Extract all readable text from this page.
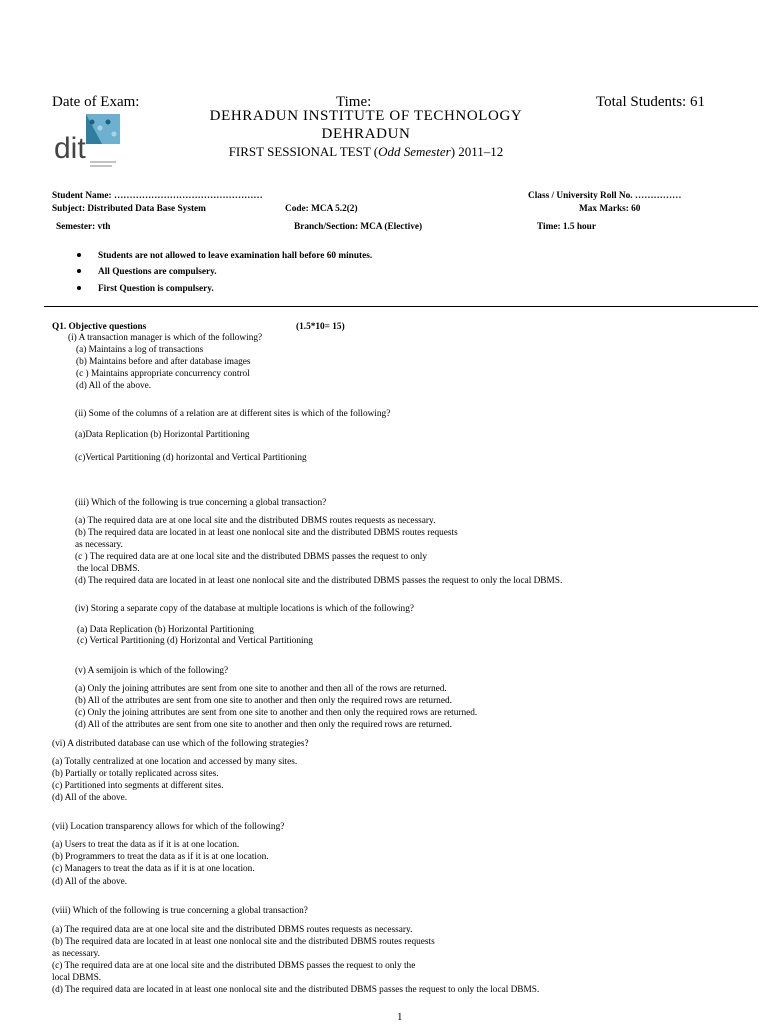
Date of Exam:	Time:	Total Students: 61
DEHRADUN INSTITUTE OF TECHNOLOGY
DEHRADUN
FIRST SESSIONAL TEST (Odd Semester) 2011–12
dit
Student Name: …………………………………………	Class / University Roll No. ……………
Subject: Distributed Data Base System	Code: MCA 5.2(2)	Max Marks: 60
Semester: vth	Branch/Section: MCA (Elective)	Time: 1.5 hour
Students are not allowed to leave examination hall before 60 minutes.
All Questions are compulsery.
First Question is compulsery.
Q1. Objective questions	(1.5*10= 15)
(i) A transaction manager is which of the following?
(a) Maintains a log of transactions
(b) Maintains before and after database images
(c ) Maintains appropriate concurrency control
(d) All of the above.
(ii) Some of the columns of a relation are at different sites is which of the following?
(a)Data Replication (b) Horizontal Partitioning
(c)Vertical Partitioning (d) horizontal and Vertical Partitioning
(iii) Which of the following is true concerning a global transaction?
(a) The required data are at one local site and the distributed DBMS routes requests as necessary.
(b) The required data are located in at least one nonlocal site and the distributed DBMS routes requests
as necessary.
(c ) The required data are at one local site and the distributed DBMS passes the request to only
the local DBMS.
(d) The required data are located in at least one nonlocal site and the distributed DBMS passes the request to only the local DBMS.
(iv) Storing a separate copy of the database at multiple locations is which of the following?
(a) Data Replication (b) Horizontal Partitioning
(c) Vertical Partitioning (d) Horizontal and Vertical Partitioning
(v) A semijoin is which of the following?
(a) Only the joining attributes are sent from one site to another and then all of the rows are returned.
(b) All of the attributes are sent from one site to another and then only the required rows are returned.
(c) Only the joining attributes are sent from one site to another and then only the required rows are returned.
(d) All of the attributes are sent from one site to another and then only the required rows are returned.
(vi) A distributed database can use which of the following strategies?
(a) Totally centralized at one location and accessed by many sites.
(b) Partially or totally replicated across sites.
(c) Partitioned into segments at different sites.
(d) All of the above.
(vii) Location transparency allows for which of the following?
(a) Users to treat the data as if it is at one location.
(b) Programmers to treat the data as if it is at one location.
(c) Managers to treat the data as if it is at one location.
(d) All of the above.
(viii) Which of the following is true concerning a global transaction?
(a) The required data are at one local site and the distributed DBMS routes requests as necessary.
(b) The required data are located in at least one nonlocal site and the distributed DBMS routes requests
as necessary.
(c) The required data are at one local site and the distributed DBMS passes the request to only the
local DBMS.
(d) The required data are located in at least one nonlocal site and the distributed DBMS passes the request to only the local DBMS.
1
